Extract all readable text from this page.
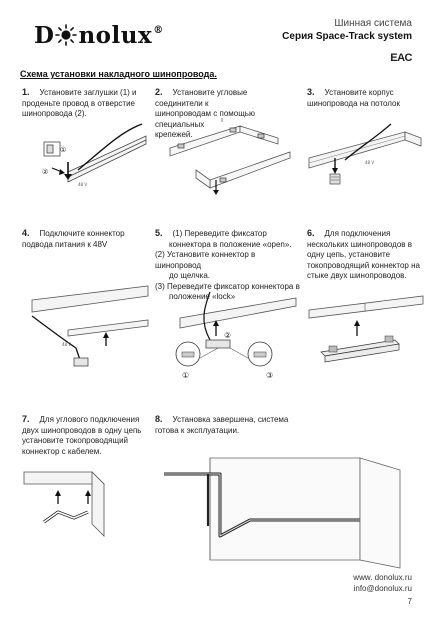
D nolux®
Шинная система
Серия Space-Track system
EAC
Схема установки накладного шинопровода.
1. Установите заглушки (1) и
проденьте провод в отверстие
шинопровода (2).
2. Установите угловые соединители к
шинопроводам с помощью специальных
крепежей.
3. Установите корпус
шинопровода на потолок
4. Подключите коннектор
подвода питания к 48V
5. (1) Переведите фиксатор
коннектора в положение «open».
(2) Установите коннектор в шинопровод
до щелчка.
(3) Переведите фиксатор коннектора в
положение «lock»
6. Для подключения
нескольких шинопроводов в
одну цепь, установите
токопроводящий коннектор на
стыке двух шинопроводов.
7. Для углового подключения
двух шинопроводов в одну цепь
установите токопроводящий
коннектор с кабелем.
8. Установка завершена, система
готова к эксплуатации.
①
②
48 V
48 V
48 V
②
①	③
www. donolux.ru
info@donolux.ru
7
